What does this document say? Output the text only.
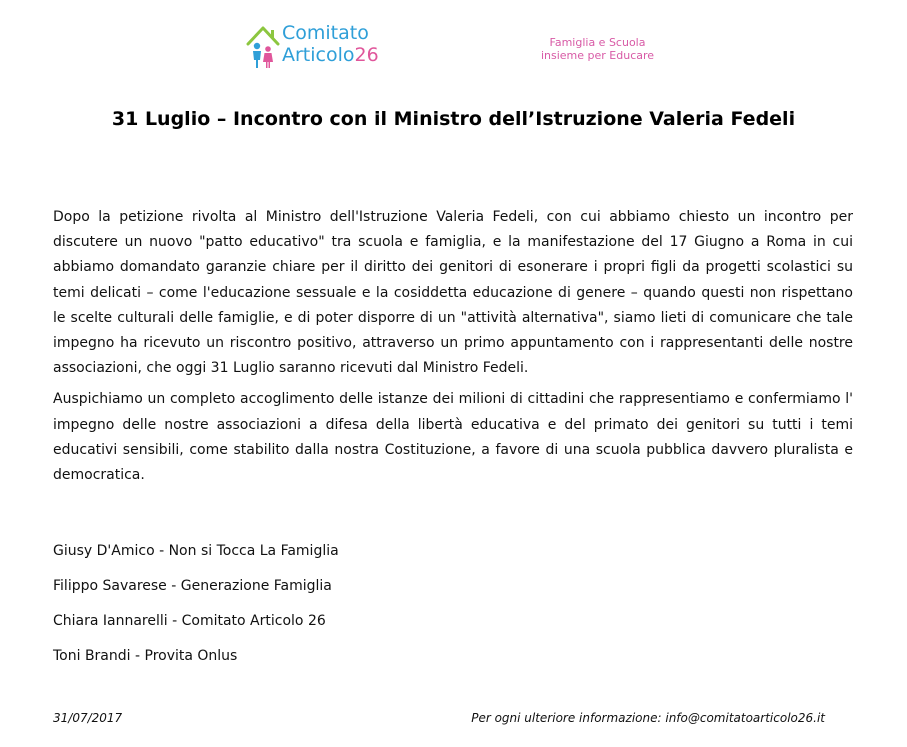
Comitato
Articolo26
Famiglia e Scuola
insieme per Educare
31 Luglio – Incontro con il Ministro dell’Istruzione Valeria Fedeli

Dopo la petizione rivolta al Ministro dell'Istruzione Valeria Fedeli, con cui abbiamo chiesto un incontro per discutere un nuovo "patto educativo" tra scuola e famiglia, e la manifestazione del 17 Giugno a Roma in cui abbiamo domandato garanzie chiare per il diritto dei genitori di esonerare i propri figli da progetti scolastici su temi delicati – come l'educazione sessuale e la cosiddetta educazione di genere – quando questi non rispettano le scelte culturali delle famiglie, e di poter disporre di un "attività alternativa", siamo lieti di comunicare che tale impegno ha ricevuto un riscontro positivo, attraverso un primo appuntamento con i rappresentanti delle nostre associazioni, che oggi 31 Luglio saranno ricevuti dal Ministro Fedeli.

Auspichiamo un completo accoglimento delle istanze dei milioni di cittadini che rappresentiamo e confermiamo l' impegno delle nostre associazioni a difesa della libertà educativa e del primato dei genitori su tutti i temi educativi sensibili, come stabilito dalla nostra Costituzione, a favore di una scuola pubblica davvero pluralista e democratica.

Giusy D'Amico - Non si Tocca La Famiglia

Filippo Savarese - Generazione Famiglia

Chiara Iannarelli - Comitato Articolo 26

Toni Brandi - Provita Onlus

31/07/2017	Per ogni ulteriore informazione: info@comitatoarticolo26.it
